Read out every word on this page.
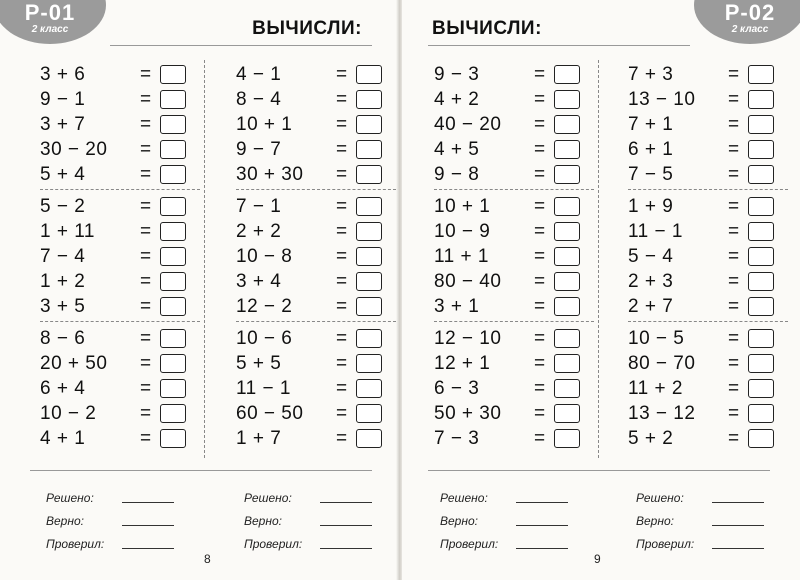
Р-01
2 класс	ВЫЧИСЛИ:
3 + 6	=
9 − 1	=
3 + 7	=
30 − 20	=
5 + 4	=
5 − 2	=
1 + 11	=
7 − 4	=
1 + 2	=
3 + 5	=
8 − 6	=
20 + 50	=
6 + 4	=
10 − 2	=
4 + 1	=
4 − 1	=
8 − 4	=
10 + 1	=
9 − 7	=
30 + 30	=
7 − 1	=
2 + 2	=
10 − 8	=
3 + 4	=
12 − 2	=
10 − 6	=
5 + 5	=
11 − 1	=
60 − 50	=
1 + 7	=
Решено:
Верно:
Проверил:
Решено:
Верно:
Проверил:
8
Р-02
2 класс
ВЫЧИСЛИ:
9 − 3	=
4 + 2	=
40 − 20	=
4 + 5	=
9 − 8	=
10 + 1	=
10 − 9	=
11 + 1	=
80 − 40	=
3 + 1	=
12 − 10	=
12 + 1	=
6 − 3	=
50 + 30	=
7 − 3	=
7 + 3	=
13 − 10	=
7 + 1	=
6 + 1	=
7 − 5	=
1 + 9	=
11 − 1	=
5 − 4	=
2 + 3	=
2 + 7	=
10 − 5	=
80 − 70	=
11 + 2	=
13 − 12	=
5 + 2	=
Решено:
Верно:
Проверил:
Решено:
Верно:
Проверил:
9
